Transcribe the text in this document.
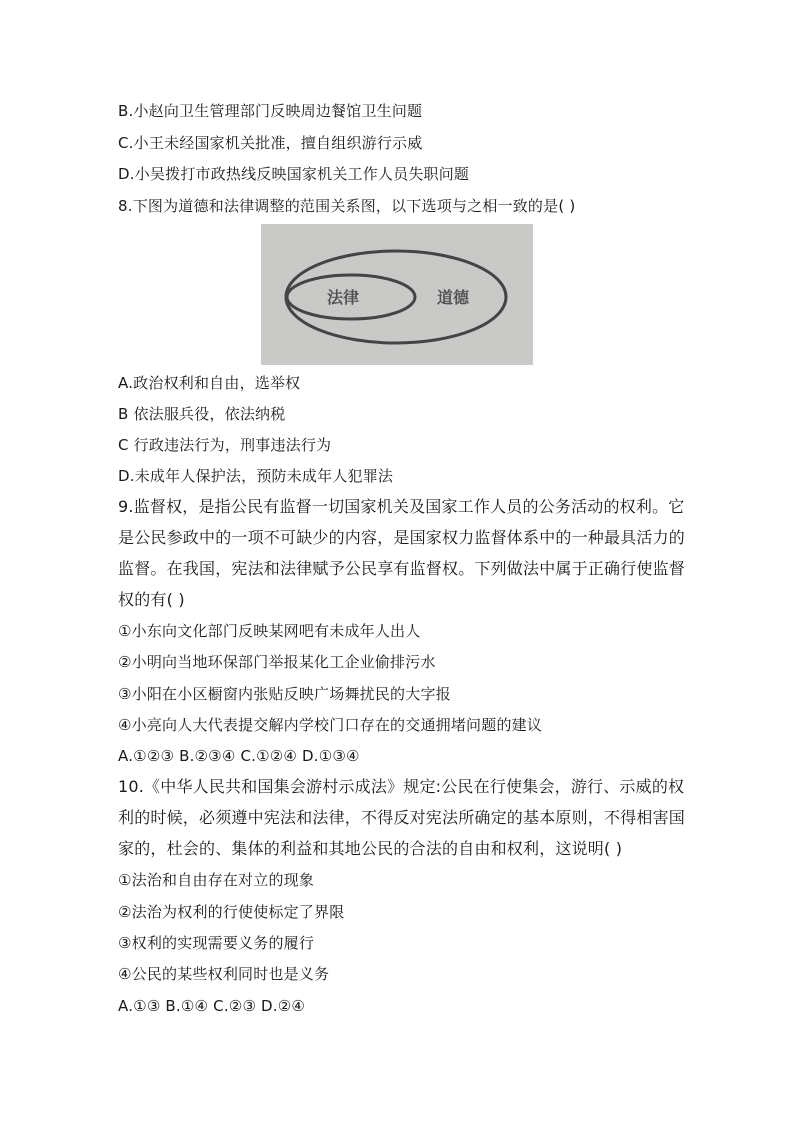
B.小赵向卫生管理部门反映周边餐馆卫生问题
C.小王未经国家机关批准，擅自组织游行示威
D.小吴拨打市政热线反映国家机关工作人员失职问题
8.下图为道德和法律调整的范围关系图，以下选项与之相一致的是( )
法律	道德
A.政治权利和自由，选举权
B 依法服兵役，依法纳税
C 行政违法行为，刑事违法行为
D.未成年人保护法，预防未成年人犯罪法
9.监督权，是指公民有监督一切国家机关及国家工作人员的公务活动的权利。它
是公民参政中的一项不可缺少的内容，是国家权力监督体系中的一种最具活力的
监督。在我国，宪法和法律赋予公民享有监督权。下列做法中属于正确行使监督
权的有( )
①小东向文化部门反映某网吧有未成年人出人
②小明向当地环保部门举报某化工企业偷排污水
③小阳在小区橱窗内张贴反映广场舞扰民的大字报
④小亮向人大代表提交解内学校门口存在的交通拥堵问题的建议
A.①②③ B.②③④ C.①②④ D.①③④
10.《中华人民共和国集会游村示成法》规定:公民在行使集会，游行、示威的权
利的时候，必须遵中宪法和法律，不得反对宪法所确定的基本原则，不得相害国
家的，杜会的、集体的利益和其地公民的合法的自由和权利，这说明( )
①法治和自由存在对立的现象
②法治为权利的行使使标定了界限
③权利的实现需要义务的履行
④公民的某些权利同时也是义务
A.①③ B.①④ C.②③ D.②④
